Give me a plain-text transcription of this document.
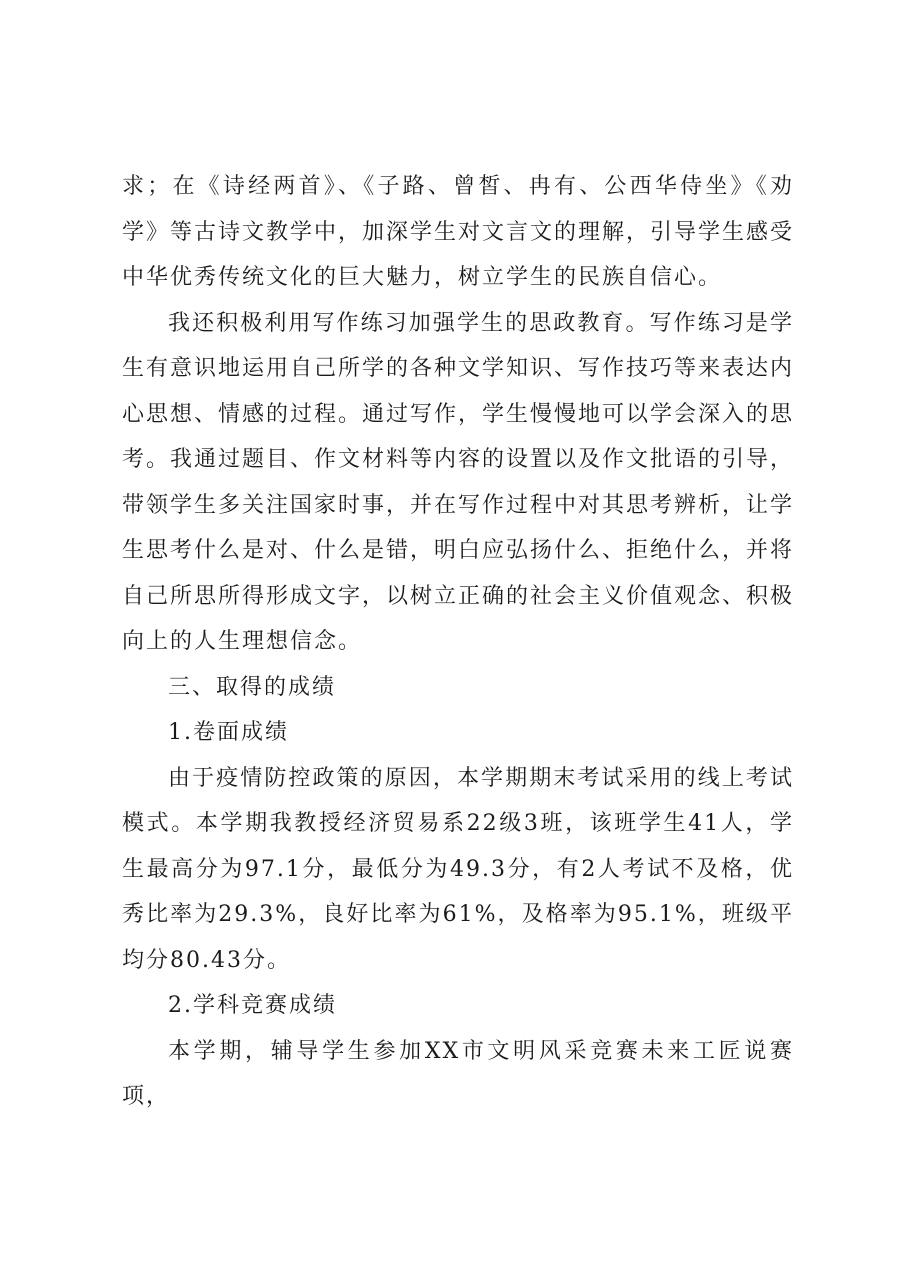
求；在《诗经两首》、《子路、曾皙、冉有、公西华侍坐》《劝学》等古诗文教学中，加深学生对文言文的理解，引导学生感受中华优秀传统文化的巨大魅力，树立学生的民族自信心。

我还积极利用写作练习加强学生的思政教育。写作练习是学生有意识地运用自己所学的各种文学知识、写作技巧等来表达内心思想、情感的过程。通过写作，学生慢慢地可以学会深入的思考。我通过题目、作文材料等内容的设置以及作文批语的引导，带领学生多关注国家时事，并在写作过程中对其思考辨析，让学生思考什么是对、什么是错，明白应弘扬什么、拒绝什么，并将自己所思所得形成文字，以树立正确的社会主义价值观念、积极向上的人生理想信念。

三、取得的成绩

1.卷面成绩

由于疫情防控政策的原因，本学期期末考试采用的线上考试模式。本学期我教授经济贸易系22级3班，该班学生41人，学生最高分为97.1分，最低分为49.3分，有2人考试不及格，优秀比率为29.3%，良好比率为61%，及格率为95.1%，班级平均分80.43分。

2.学科竞赛成绩

本学期，辅导学生参加XX市文明风采竞赛未来工匠说赛项，
